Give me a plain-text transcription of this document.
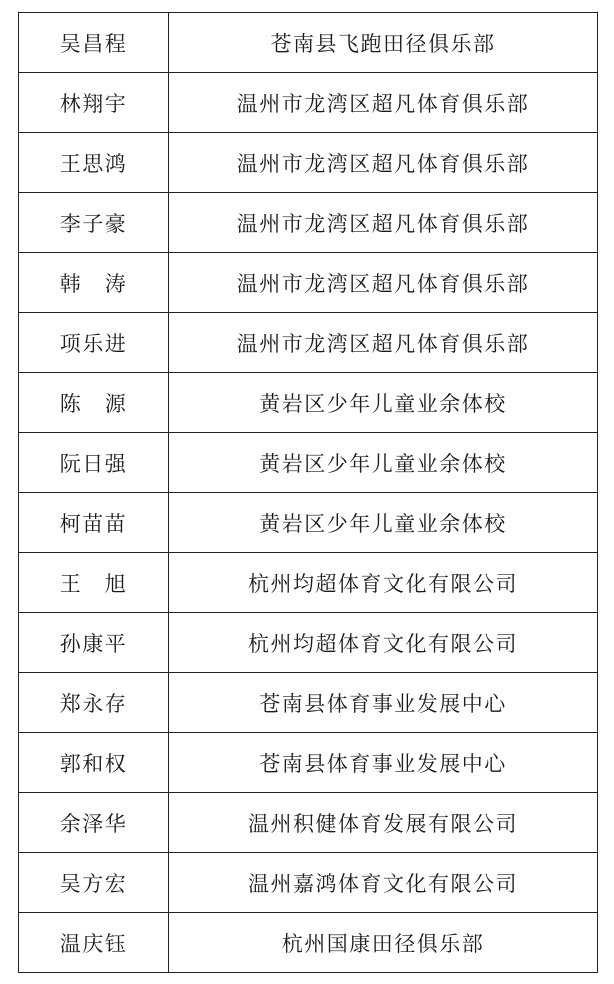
吴昌程	苍南县飞跑田径俱乐部
林翔宇	温州市龙湾区超凡体育俱乐部
王思鸿	温州市龙湾区超凡体育俱乐部
李子豪	温州市龙湾区超凡体育俱乐部
韩　涛	温州市龙湾区超凡体育俱乐部
项乐进	温州市龙湾区超凡体育俱乐部
陈　源	黄岩区少年儿童业余体校
阮日强	黄岩区少年儿童业余体校
柯苗苗	黄岩区少年儿童业余体校
王　旭	杭州均超体育文化有限公司
孙康平	杭州均超体育文化有限公司
郑永存	苍南县体育事业发展中心
郭和权	苍南县体育事业发展中心
余泽华	温州积健体育发展有限公司
吴方宏	温州嘉鸿体育文化有限公司
温庆钰	杭州国康田径俱乐部
